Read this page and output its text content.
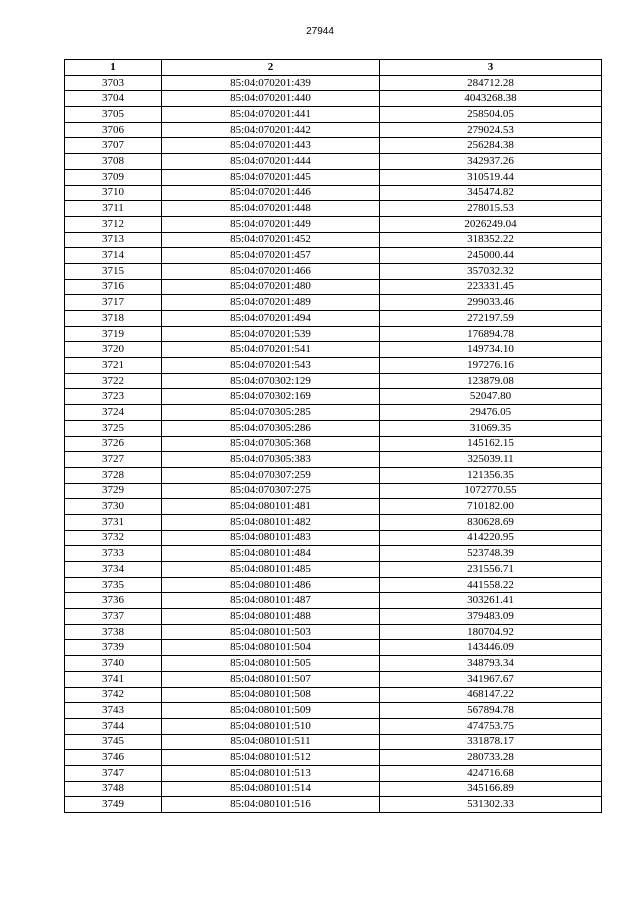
27944
1	2	3
3703	85:04:070201:439	284712.28
3704	85:04:070201:440	4043268.38
3705	85:04:070201:441	258504.05
3706	85:04:070201:442	279024.53
3707	85:04:070201:443	256284.38
3708	85:04:070201:444	342937.26
3709	85:04:070201:445	310519.44
3710	85:04:070201:446	345474.82
3711	85:04:070201:448	278015.53
3712	85:04:070201:449	2026249.04
3713	85:04:070201:452	318352.22
3714	85:04:070201:457	245000.44
3715	85:04:070201:466	357032.32
3716	85:04:070201:480	223331.45
3717	85:04:070201:489	299033.46
3718	85:04:070201:494	272197.59
3719	85:04:070201:539	176894.78
3720	85:04:070201:541	149734.10
3721	85:04:070201:543	197276.16
3722	85:04:070302:129	123879.08
3723	85:04:070302:169	52047.80
3724	85:04:070305:285	29476.05
3725	85:04:070305:286	31069.35
3726	85:04:070305:368	145162.15
3727	85:04:070305:383	325039.11
3728	85:04:070307:259	121356.35
3729	85:04:070307:275	1072770.55
3730	85:04:080101:481	710182.00
3731	85:04:080101:482	830628.69
3732	85:04:080101:483	414220.95
3733	85:04:080101:484	523748.39
3734	85:04:080101:485	231556.71
3735	85:04:080101:486	441558.22
3736	85:04:080101:487	303261.41
3737	85:04:080101:488	379483.09
3738	85:04:080101:503	180704.92
3739	85:04:080101:504	143446.09
3740	85:04:080101:505	348793.34
3741	85:04:080101:507	341967.67
3742	85:04:080101:508	468147.22
3743	85:04:080101:509	567894.78
3744	85:04:080101:510	474753.75
3745	85:04:080101:511	331878.17
3746	85:04:080101:512	280733.28
3747	85:04:080101:513	424716.68
3748	85:04:080101:514	345166.89
3749	85:04:080101:516	531302.33
